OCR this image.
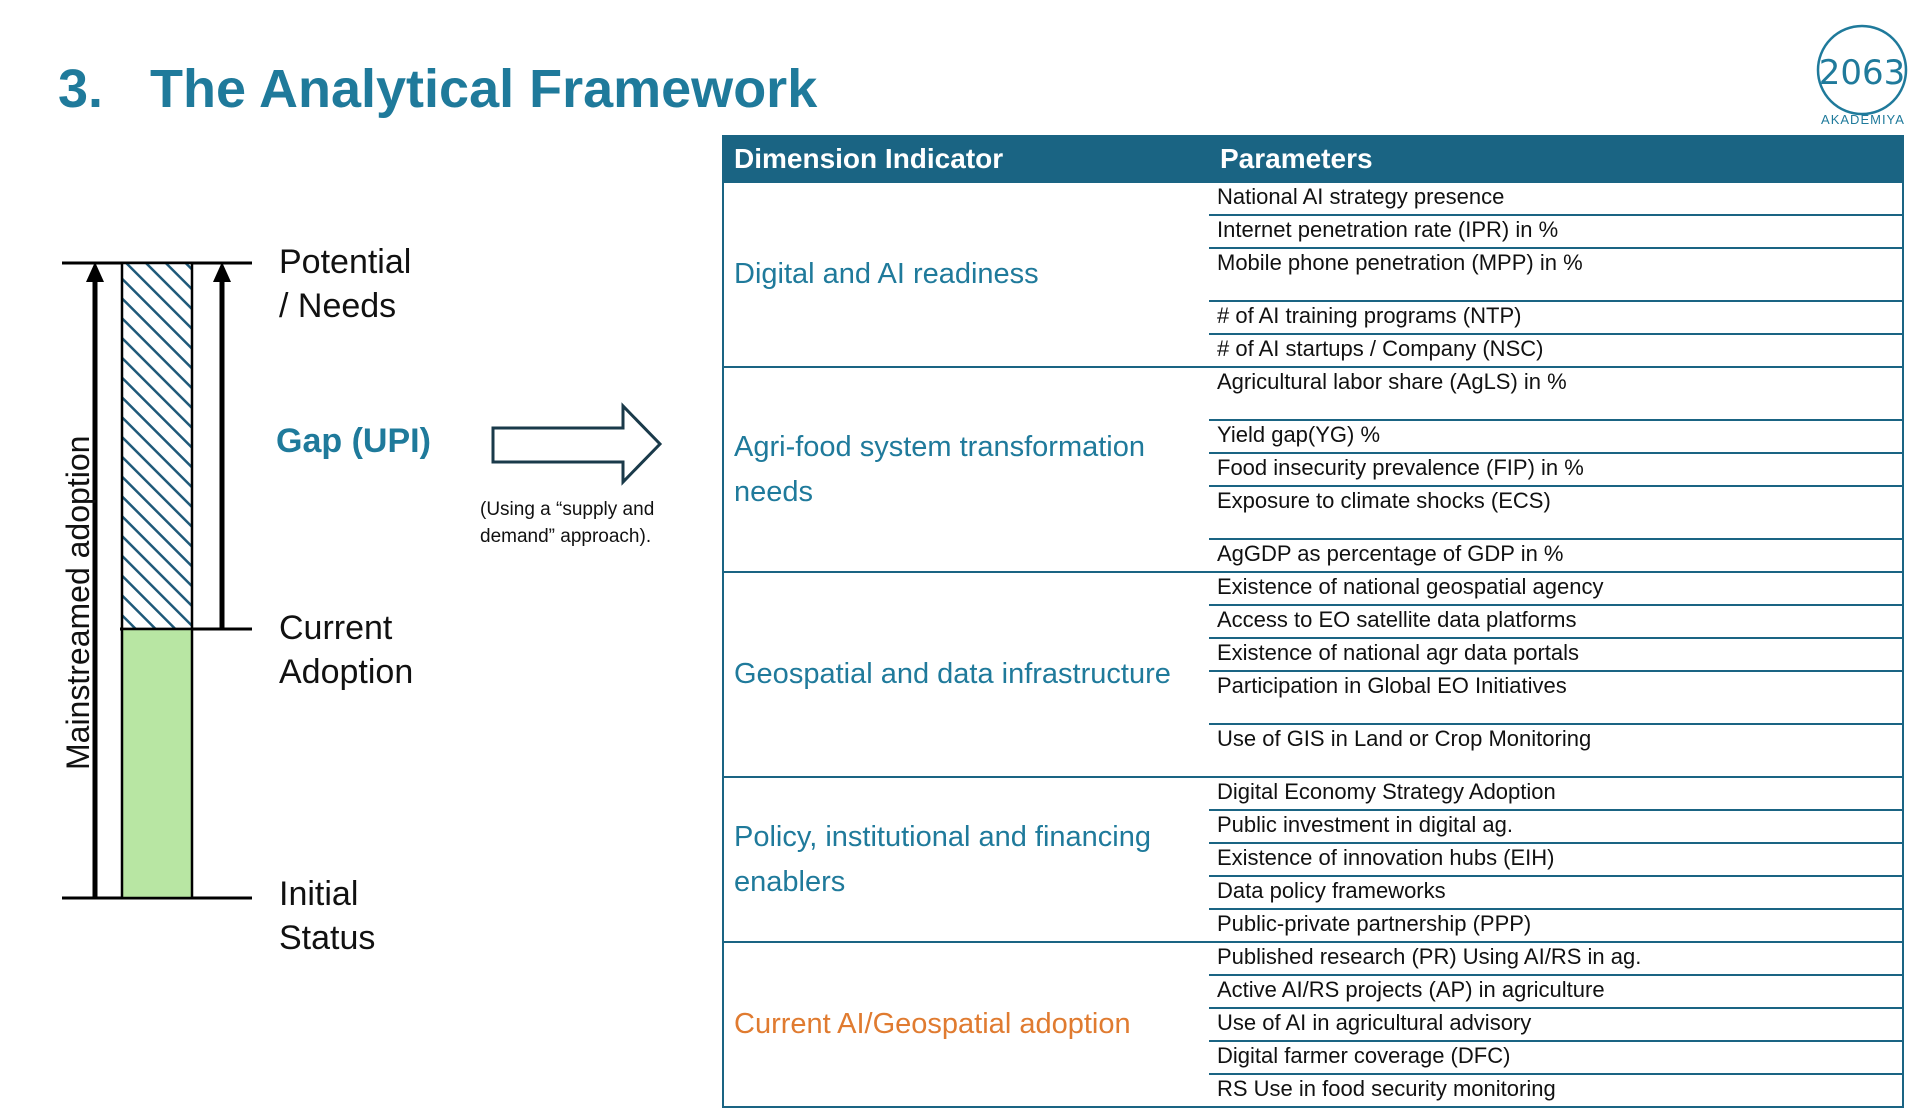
3. The Analytical Framework	2063
AKADEMIYA
Potential
/ Needs
Gap (UPI)
Current
Adoption
Initial
Status
Mainstreamed adoption	(Using a “supply and
demand” approach).
Dimension Indicator	Parameters
Digital and AI readiness	National AI strategy presence
	Internet penetration rate (IPR) in %
	Mobile phone penetration (MPP) in %
	# of AI training programs (NTP)
	# of AI startups / Company (NSC)
Agri-food system transformation needs	Agricultural labor share (AgLS) in %
	Yield gap(YG) %
	Food insecurity prevalence (FIP) in %
	Exposure to climate shocks (ECS)
	AgGDP as percentage of GDP in %
Geospatial and data infrastructure	Existence of national geospatial agency
	Access to EO satellite data platforms
	Existence of national agr data portals
	Participation in Global EO Initiatives
	Use of GIS in Land or Crop Monitoring
Policy, institutional and financing enablers	Digital Economy Strategy Adoption
	Public investment in digital ag.
	Existence of innovation hubs (EIH)
	Data policy frameworks
	Public-private partnership (PPP)
Current AI/Geospatial adoption	Published research (PR) Using AI/RS in ag.
	Active AI/RS projects (AP) in agriculture
	Use of AI in agricultural advisory
	Digital farmer coverage (DFC)
	RS Use in food security monitoring
